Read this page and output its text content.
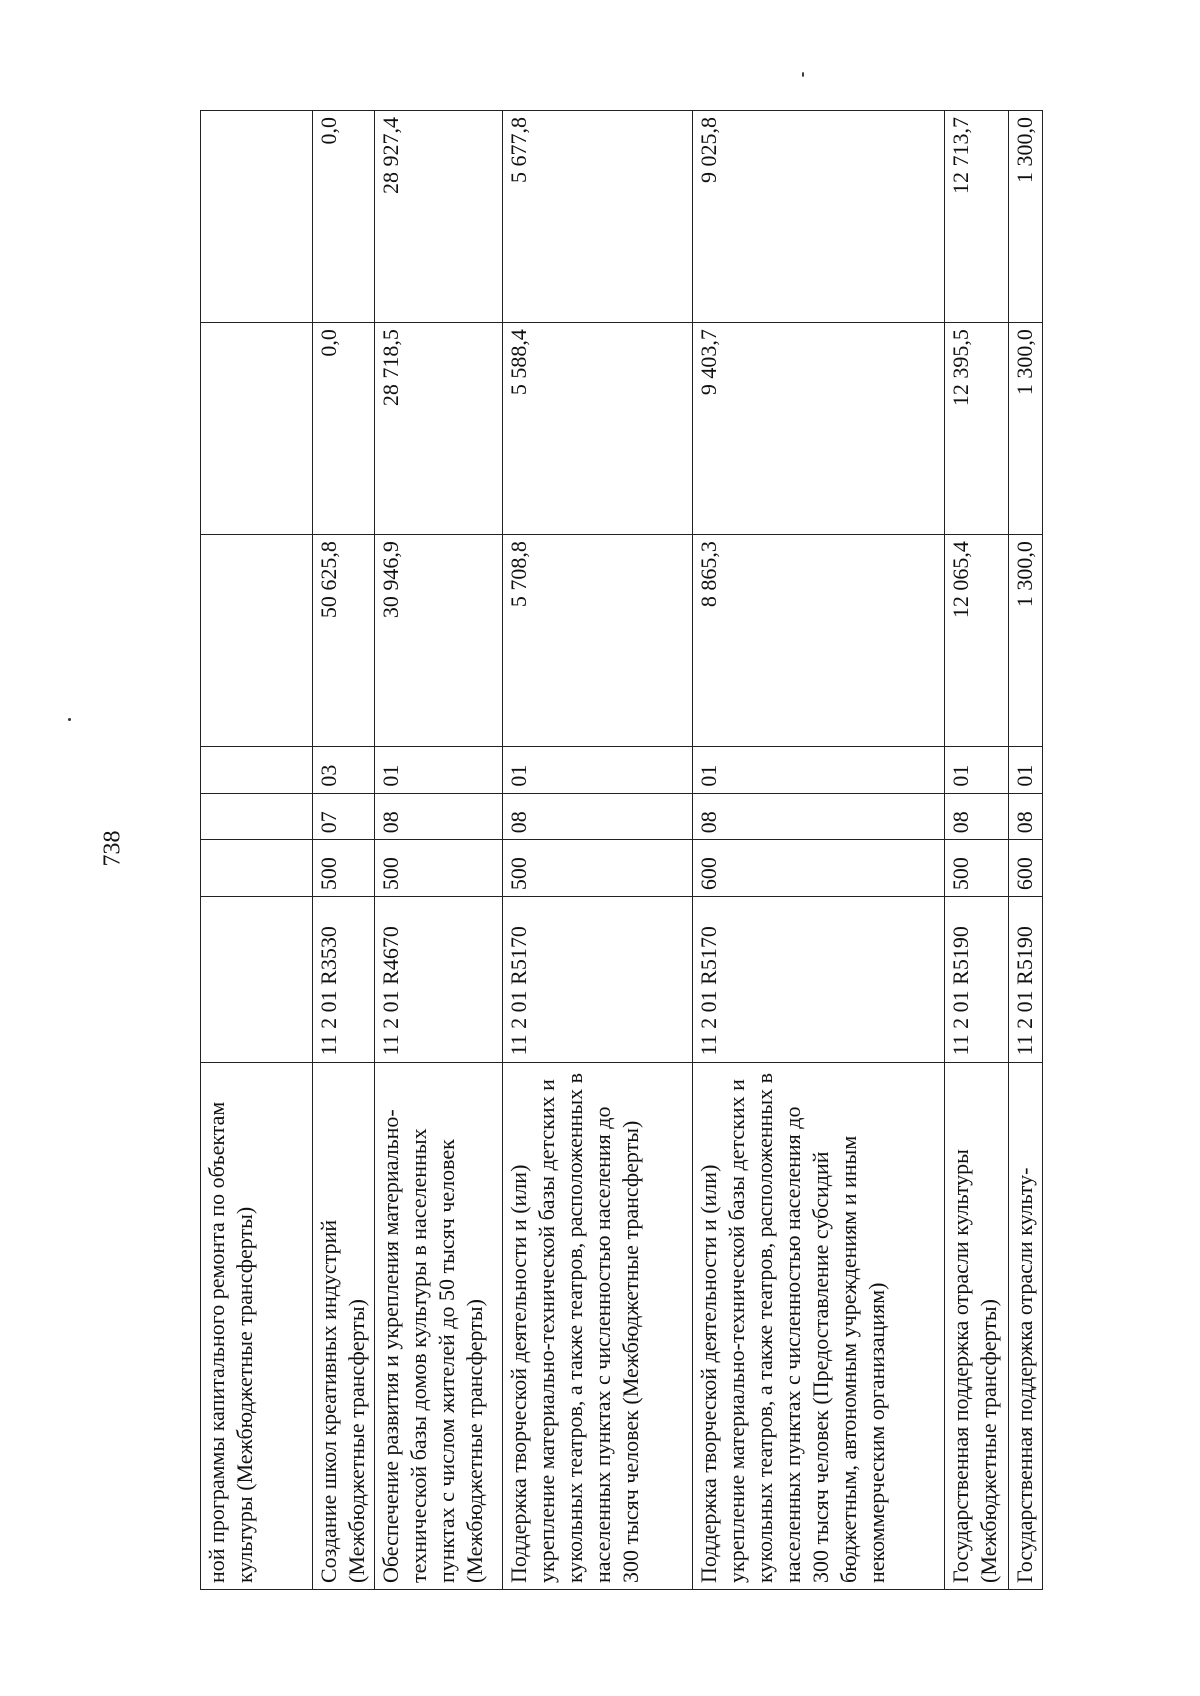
738
ной программы капитального ремонта по объектам культуры (Межбюджетные трансферты)							
Создание школ креативных индустрий (Межбюджетные трансферты)	11 2 01 R3530	500	07	03	50 625,8	0,0	0,0
Обеспечение развития и укрепления материально-технической базы домов культуры в населенных пунктах с числом жителей до 50 тысяч человек (Межбюджетные трансферты)	11 2 01 R4670	500	08	01	30 946,9	28 718,5	28 927,4
Поддержка творческой деятельности и (или) укрепление материально-технической базы детских и кукольных театров, а также театров, расположенных в населенных пунктах с численностью населения до 300 тысяч человек (Межбюджетные трансферты)	11 2 01 R5170	500	08	01	5 708,8	5 588,4	5 677,8
Поддержка творческой деятельности и (или) укрепление материально-технической базы детских и кукольных театров, а также театров, расположенных в населенных пунктах с численностью населения до 300 тысяч человек (Предоставление субсидий бюджетным, автономным учреждениям и иным некоммерческим организациям)	11 2 01 R5170	600	08	01	8 865,3	9 403,7	9 025,8
Государственная поддержка отрасли культуры (Межбюджетные трансферты)	11 2 01 R5190	500	08	01	12 065,4	12 395,5	12 713,7
Государственная поддержка отрасли культу-	11 2 01 R5190	600	08	01	1 300,0	1 300,0	1 300,0
